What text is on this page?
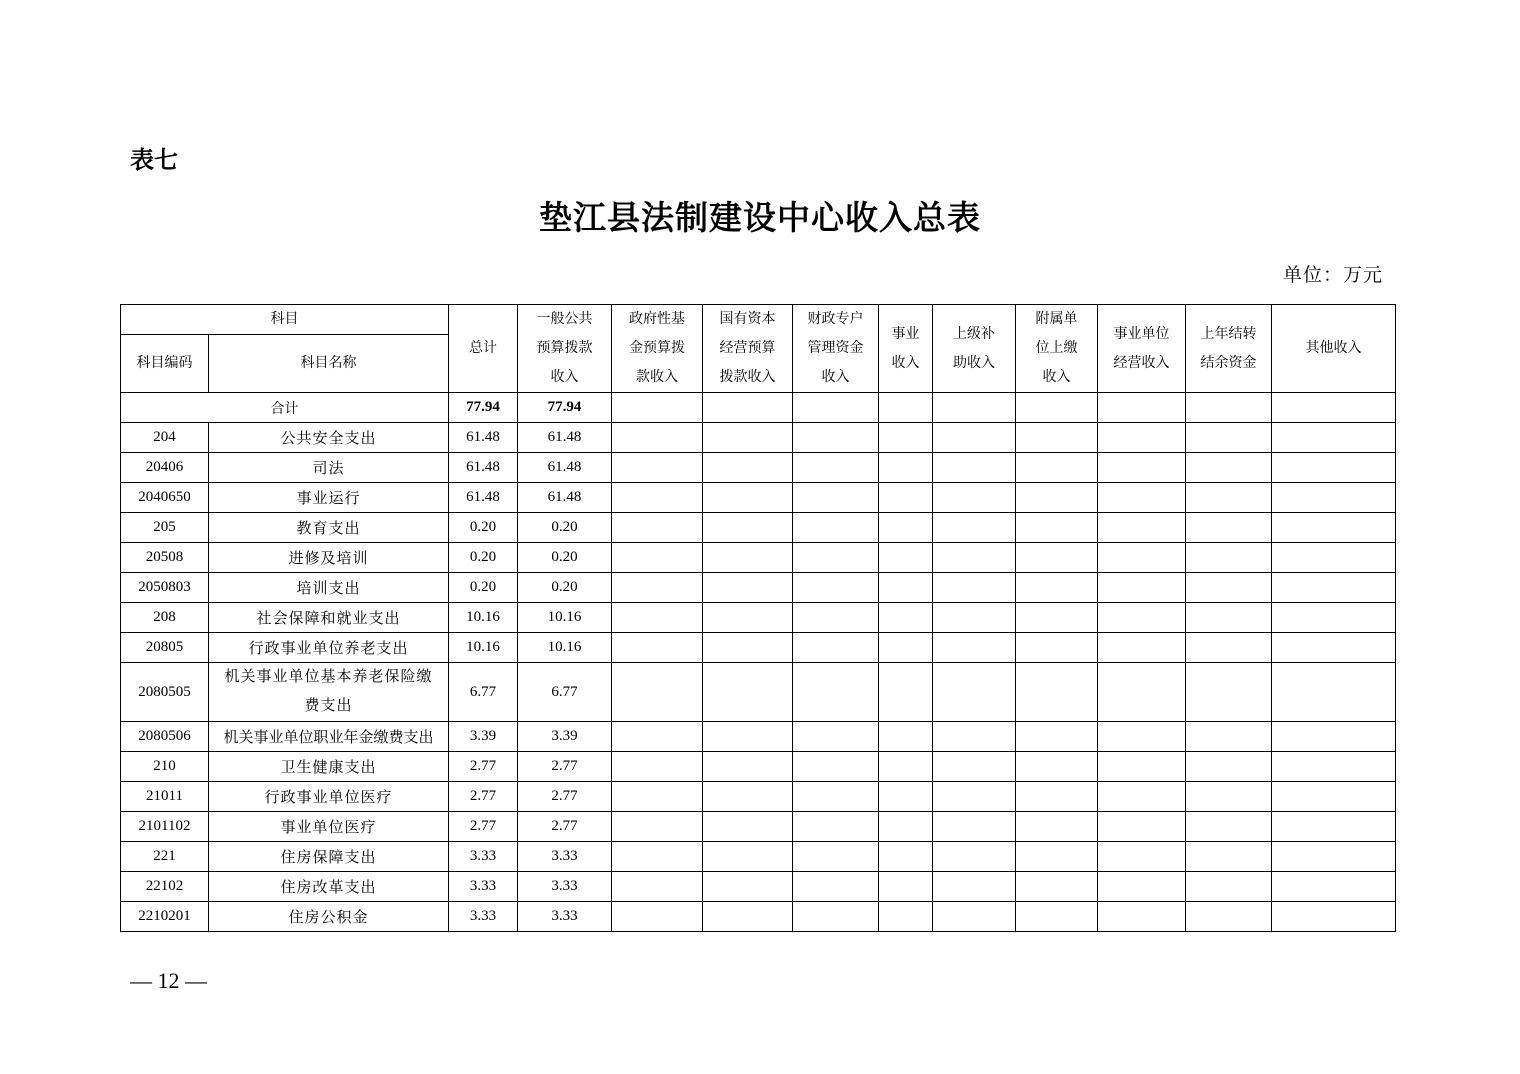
表七
垫江县法制建设中心收入总表
单位：万元
科目		总计	一般公共预算拨款收入	政府性基金预算拨款收入	国有资本经营预算拨款收入	财政专户管理资金收入	事业收入	上级补助收入	附属单位上缴收入	事业单位经营收入	上年结转结余资金	其他收入
科目编码	科目名称											
合计		77.94	77.94									
204	公共安全支出	61.48	61.48									
20406	司法	61.48	61.48									
2040650	事业运行	61.48	61.48									
205	教育支出	0.20	0.20									
20508	进修及培训	0.20	0.20									
2050803	培训支出	0.20	0.20									
208	社会保障和就业支出	10.16	10.16									
20805	行政事业单位养老支出	10.16	10.16									
2080505	机关事业单位基本养老保险缴费支出	6.77	6.77									
2080506	机关事业单位职业年金缴费支出	3.39	3.39									
210	卫生健康支出	2.77	2.77									
21011	行政事业单位医疗	2.77	2.77									
2101102	事业单位医疗	2.77	2.77									
221	住房保障支出	3.33	3.33									
22102	住房改革支出	3.33	3.33									
2210201	住房公积金	3.33	3.33									
— 12 —
